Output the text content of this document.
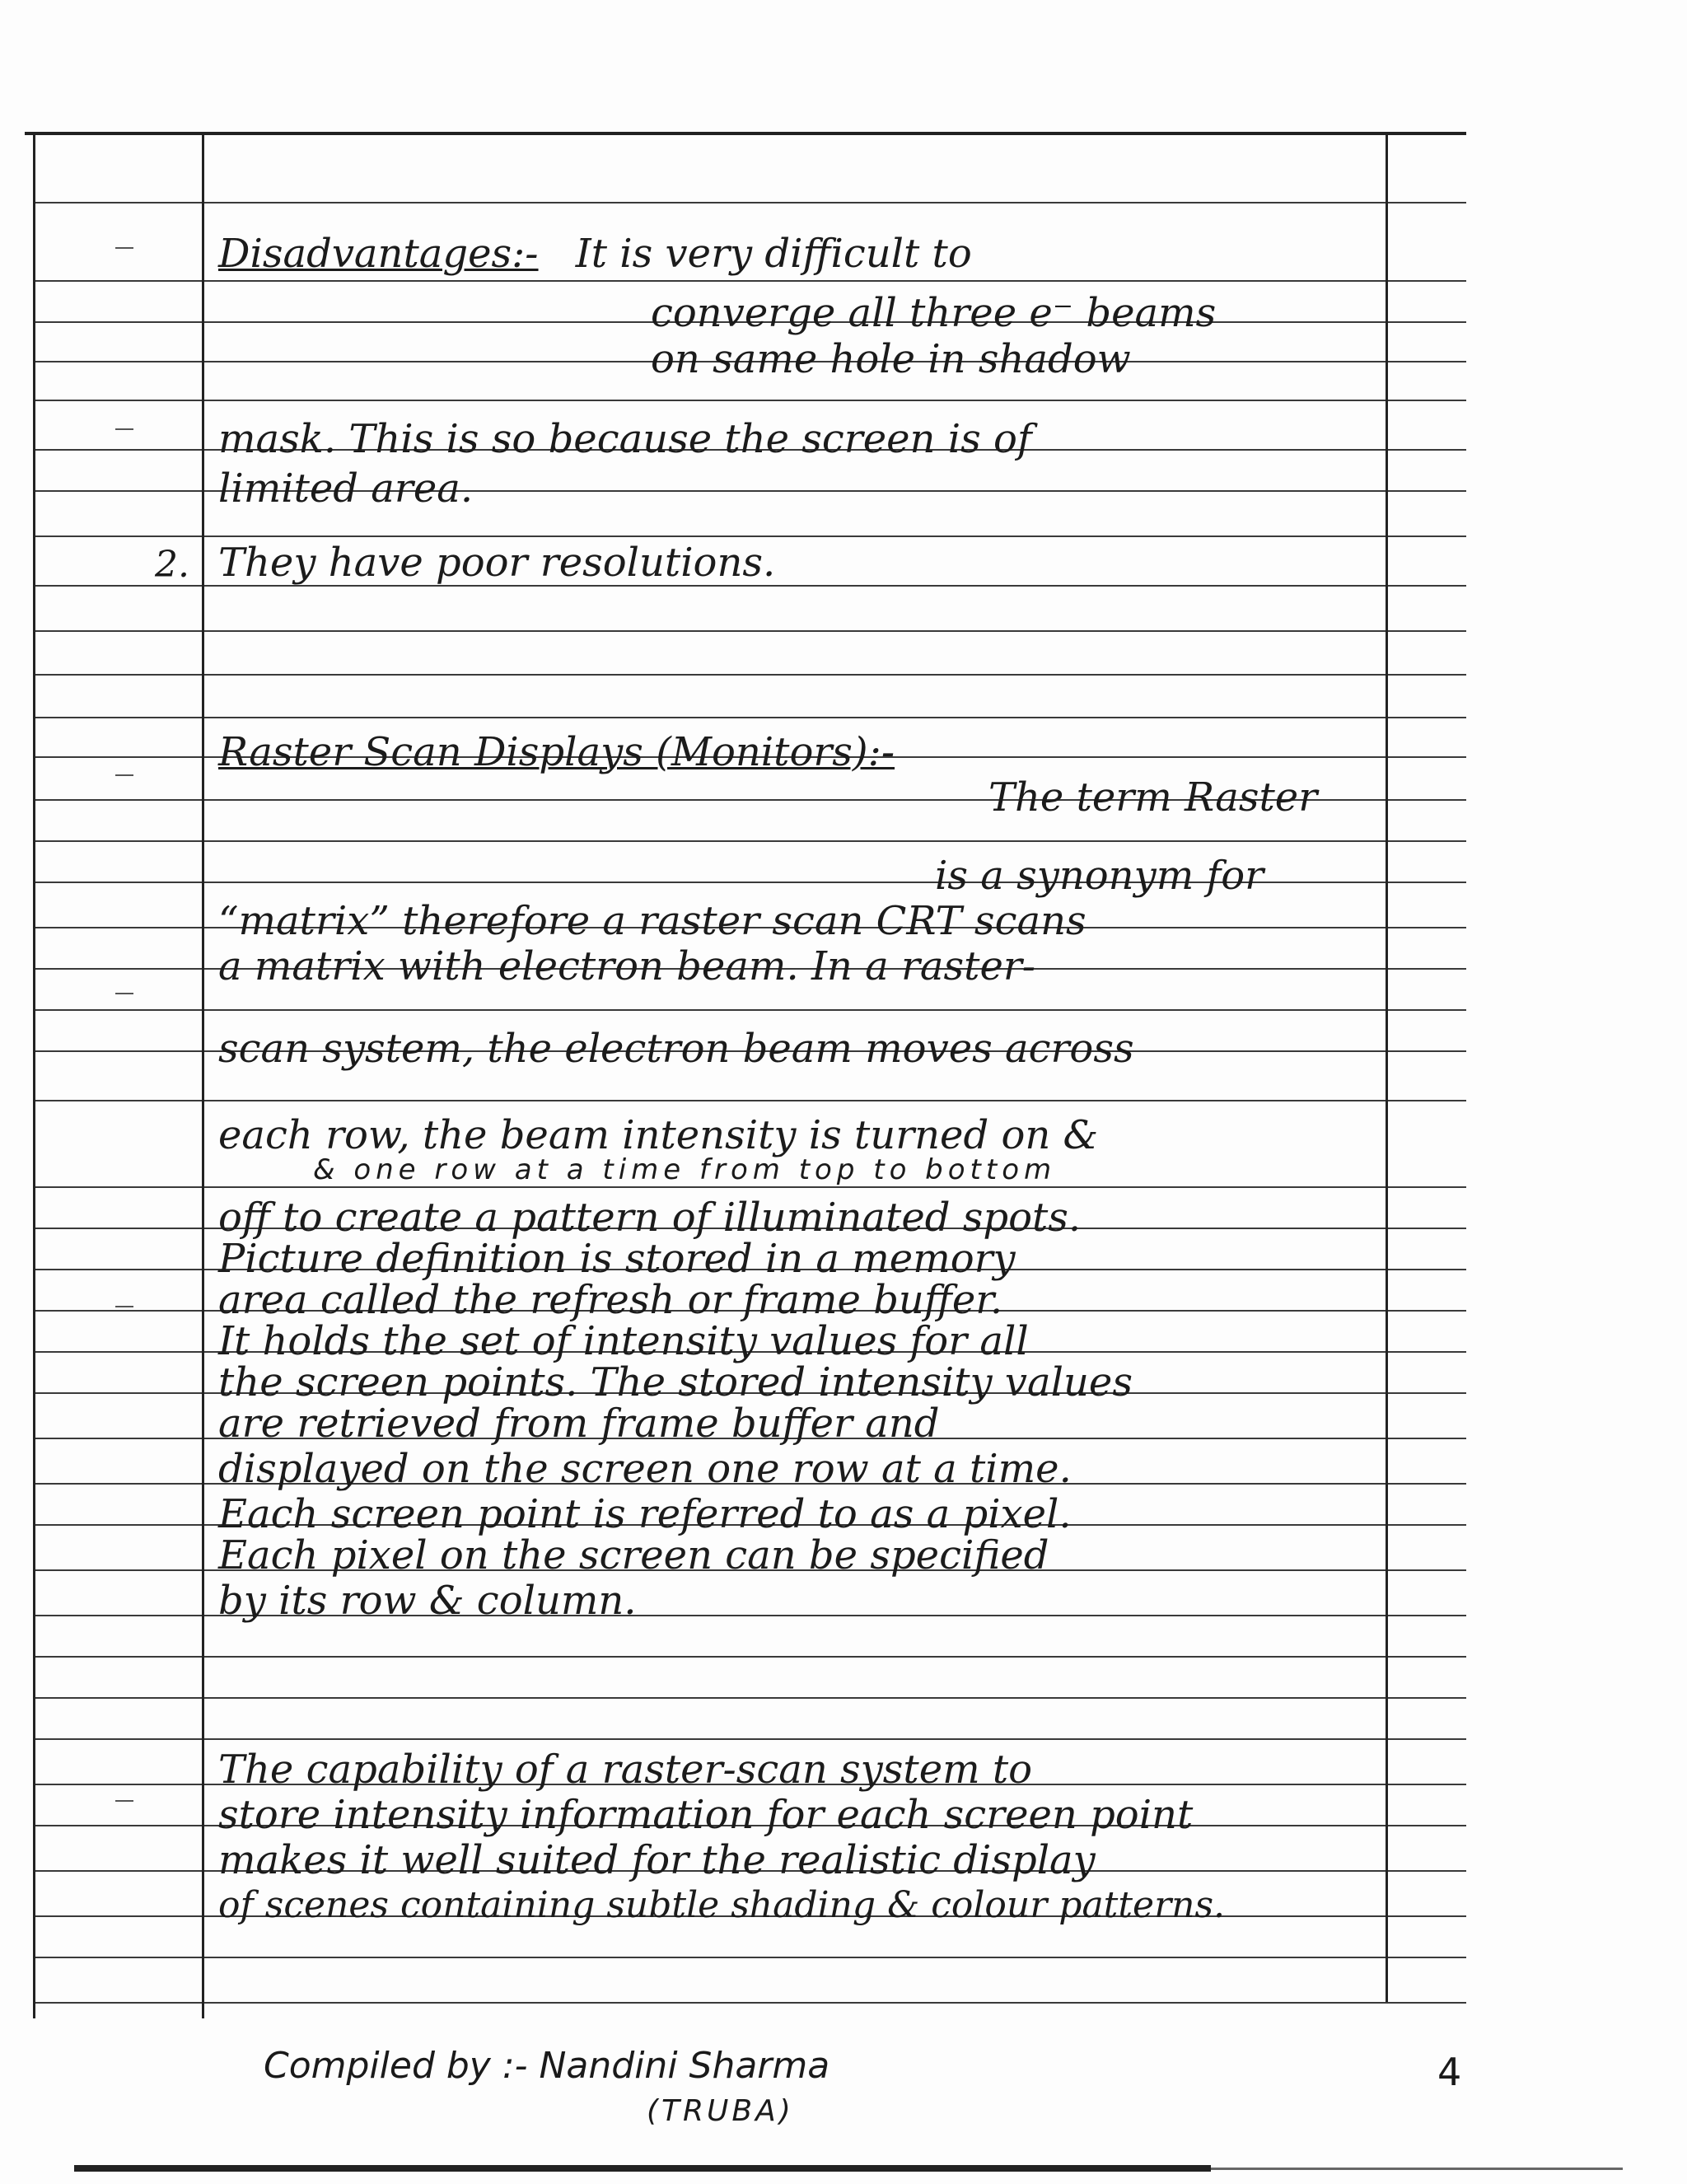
Disadvantages:- It is very difficult to
converge all three e⁻ beams
on same hole in shadow
mask. This is so because the screen is of
limited area.
2. They have poor resolutions.
Raster Scan Displays (Monitors):-
The term Raster
is a synonym for
“matrix” therefore a raster scan CRT scans
a matrix with electron beam. In a raster-
scan system, the electron beam moves across
& one row at a time from top to bottom
each row, the beam intensity is turned on &
off to create a pattern of illuminated spots.
Picture definition is stored in a memory
area called the refresh or frame buffer.
It holds the set of intensity values for all
the screen points. The stored intensity values
are retrieved from frame buffer and
displayed on the screen one row at a time.
Each screen point is referred to as a pixel.
Each pixel on the screen can be specified
by its row & column.
The capability of a raster-scan system to
store intensity information for each screen point
makes it well suited for the realistic display
of scenes containing subtle shading & colour patterns.
Compiled by :- Nandini Sharma
(TRUBA)
4
